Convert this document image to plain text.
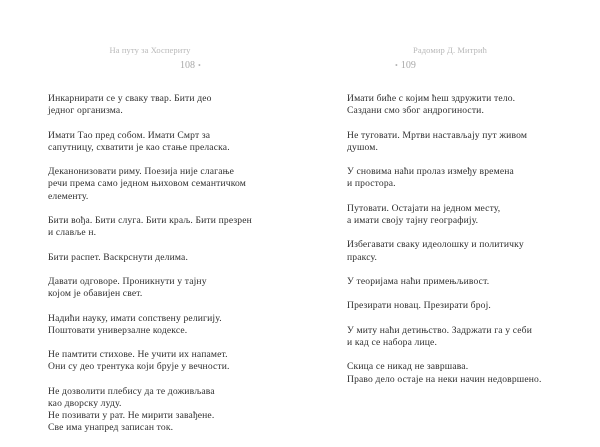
На путу за Хоспериту
108 •
Инкарнирати се у сваку твар. Бити део
једног организма.
Имати Тао пред собом. Имати Смрт за
сапутницу, схватити је као стање преласка.
Деканонизовати риму. Поезија није слагање
речи према само једном њиховом семантичком
елементу.
Бити вођа. Бити слуга. Бити краљ. Бити презрен
и славље н.
Бити распет. Васкрснути делима.
Давати одговоре. Проникнути у тајну
којом је обавијен свет.
Надићи науку, имати сопствену религију.
Поштовати универзалне кодексе.
Не памтити стихове. Не учити их напамет.
Они су део трентука који брује у вечности.
Не дозволити плебису да те доживљава
као дворску луду.
Не позивати у рат. Не мирити завађене.
Све има унапред записан ток.
Радомир Д. Митрић
• 109
Имати биће с којим ћеш здружити тело.
Саздани смо због андрогиности.
Не туговати. Мртви настављају пут живом
душом.
У сновима наћи пролаз између времена
и простора.
Путовати. Остајати на једном месту,
а имати своју тајну географију.
Избегавати сваку идеолошку и политичку
праксу.
У теоријама наћи примењљивост.
Презирати новац. Презирати број.
У миту наћи детињство. Задржати га у себи
и кад се набора лице.
Скица се никад не завршава.
Право дело остаје на неки начин недовршено.
